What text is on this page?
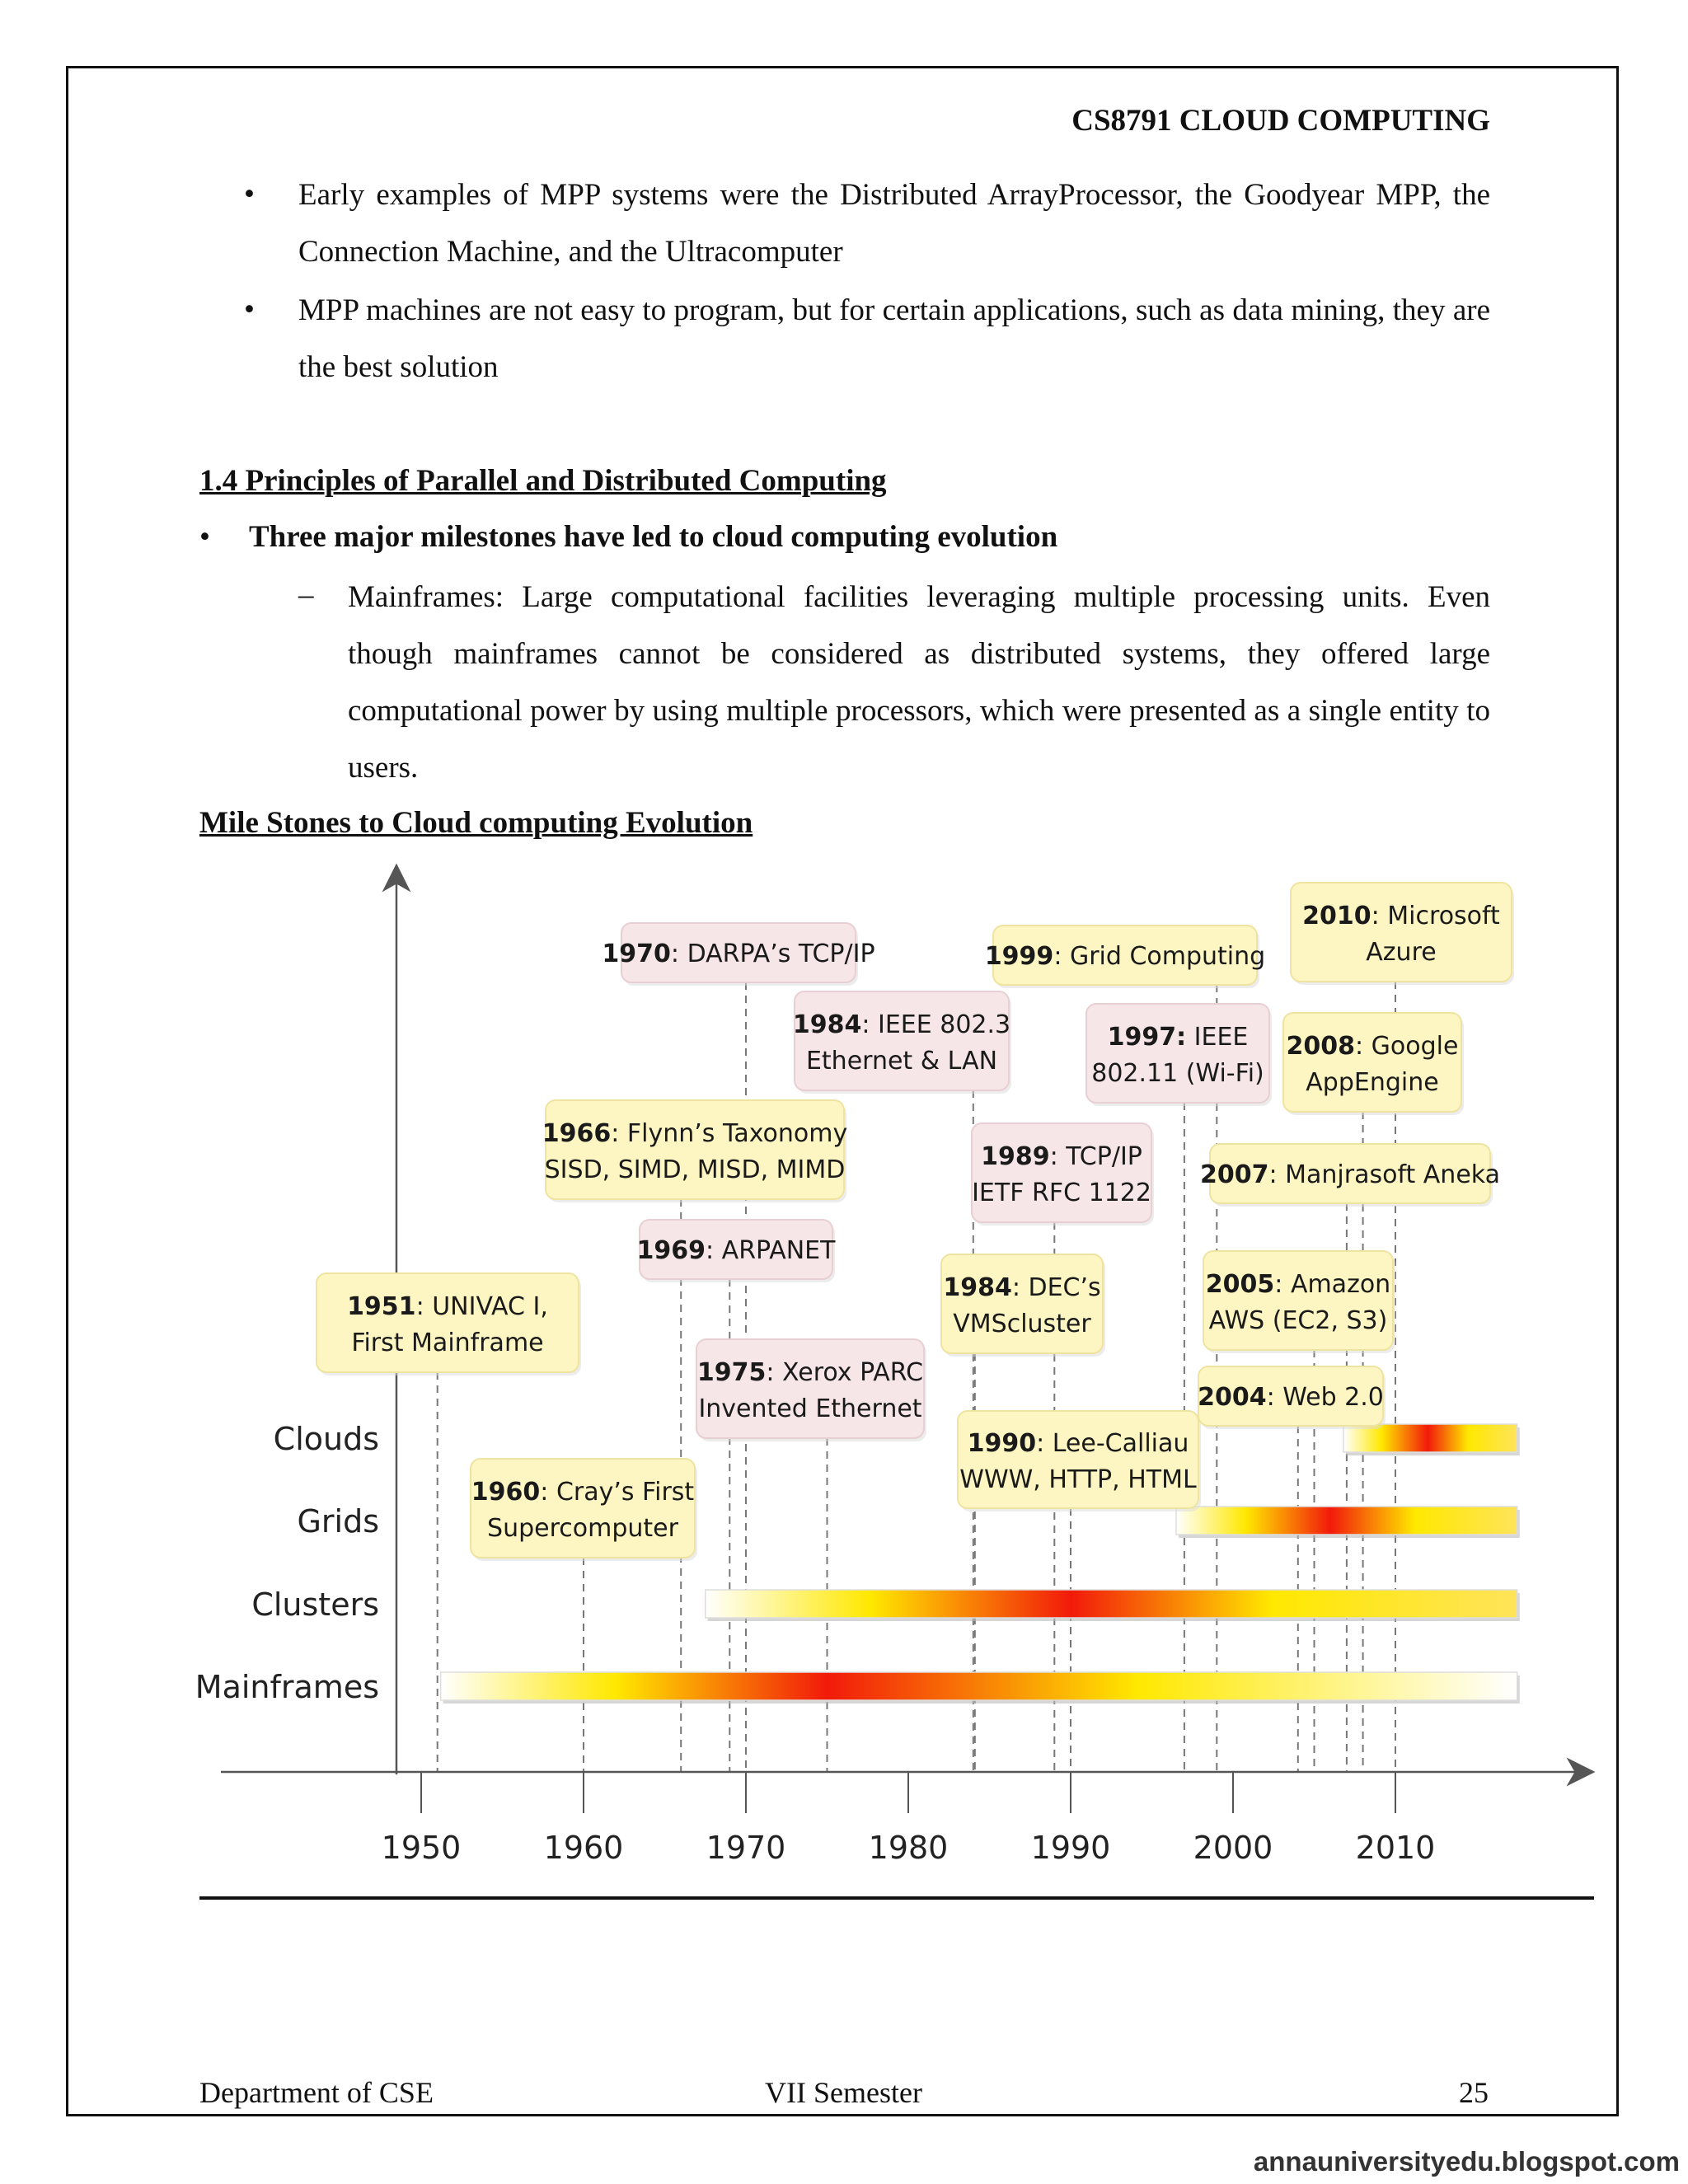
CS8791 CLOUD COMPUTING
• Early examples of MPP systems were the Distributed ArrayProcessor, the Goodyear MPP, the Connection Machine, and the Ultracomputer
• MPP machines are not easy to program, but for certain applications, such as data mining, they are the best solution
1.4 Principles of Parallel and Distributed Computing
• Three major milestones have led to cloud computing evolution
– Mainframes: Large computational facilities leveraging multiple processing units. Even though mainframes cannot be considered as distributed systems, they offered large computational power by using multiple processors, which were presented as a single entity to users.
Mile Stones to Cloud computing Evolution
1950	1960	1970	1980	1990	2000	2010
Clouds
Grids
Clusters
Mainframes
1951: UNIVAC I,
First Mainframe
1960: Cray’s First
Supercomputer
1966: Flynn’s Taxonomy
SISD, SIMD, MISD, MIMD
1969: ARPANET
1970: DARPA’s TCP/IP
1975: Xerox PARC
Invented Ethernet
1984: IEEE 802.3
Ethernet & LAN
1984: DEC’s
VMScluster
1989: TCP/IP
IETF RFC 1122
1990: Lee-Calliau
WWW, HTTP, HTML
1997: IEEE
802.11 (Wi-Fi)
1999: Grid Computing
2004: Web 2.0
2005: Amazon
AWS (EC2, S3)
2007: Manjrasoft Aneka
2008: Google
AppEngine
2010: Microsoft
Azure
Department of CSE	VII Semester	25
annauniversityedu.blogspot.com
